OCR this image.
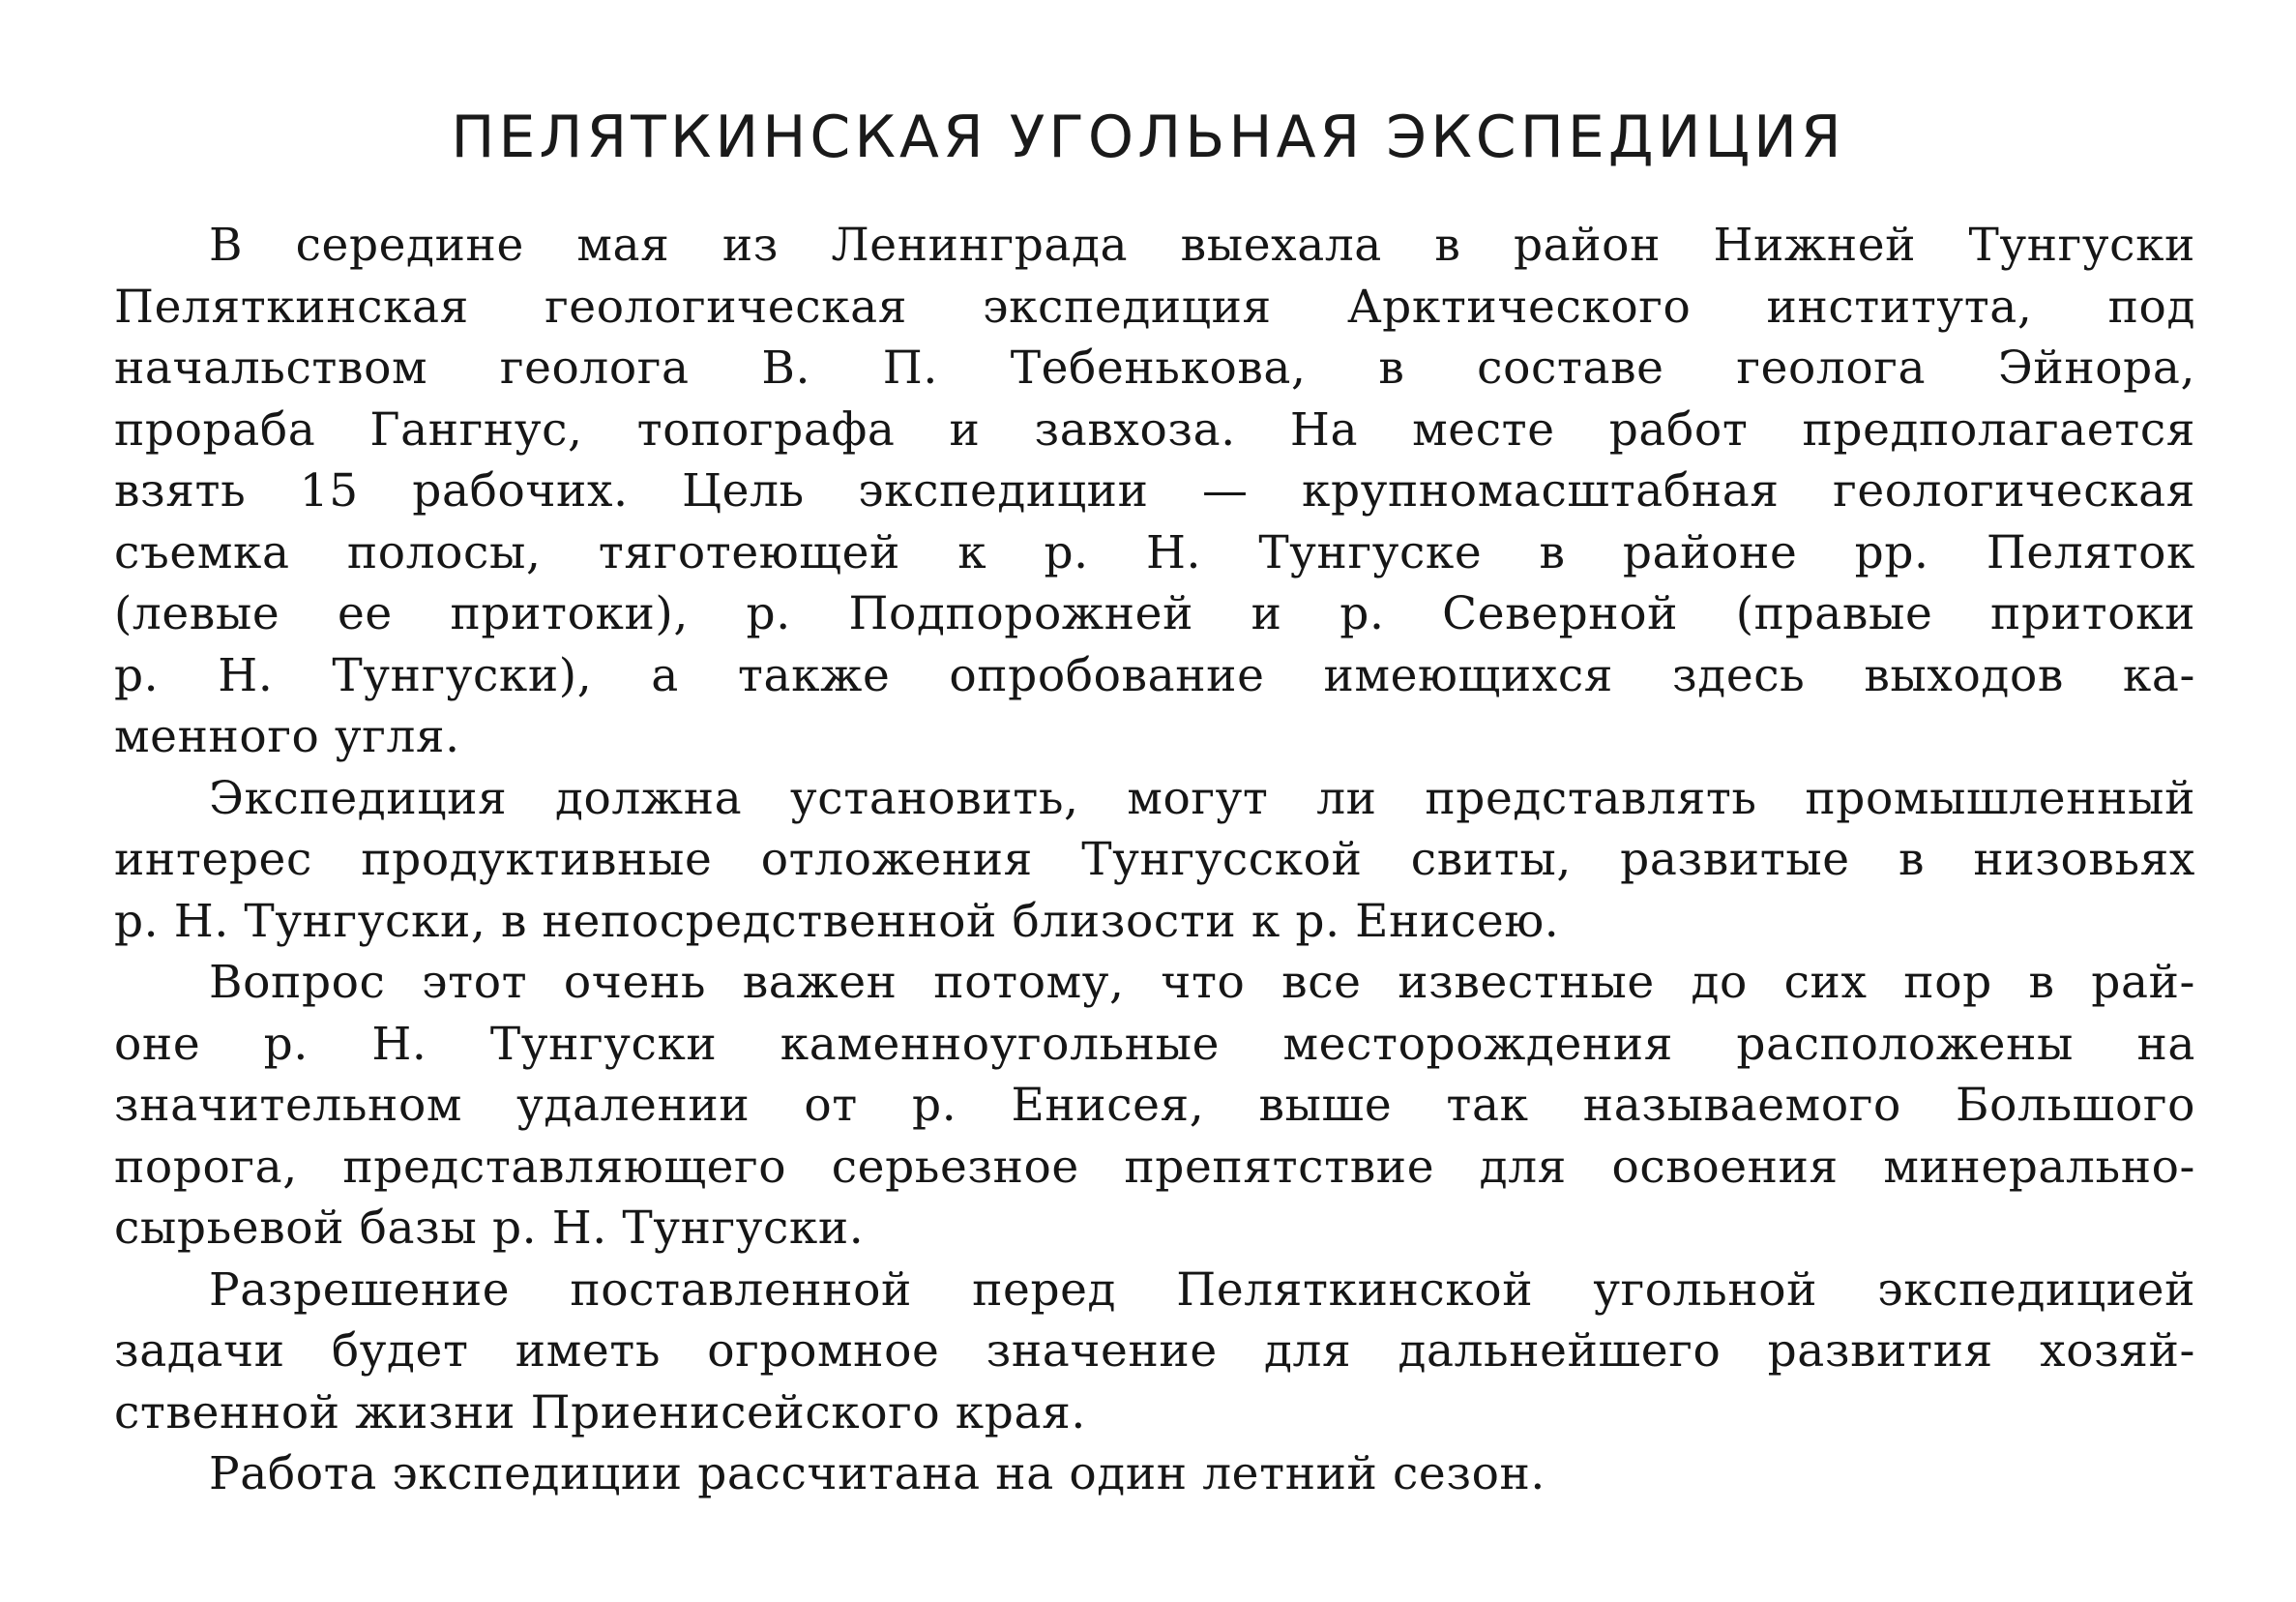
ПЕЛЯТКИНСКАЯ УГОЛЬНАЯ ЭКСПЕДИЦИЯ

В середине мая из Ленинграда выехала в район Нижней Тунгуски
Пеляткинская геологическая экспедиция Арктического института, под
начальством геолога В. П. Тебенькова, в составе геолога Эйнора,
прораба Гангнус, топографа и завхоза. На месте работ предполагается
взять 15 рабочих. Цель экспедиции — крупномасштабная геологическая
съемка полосы, тяготеющей к р. Н. Тунгуске в районе рр. Пеляток
(левые ее притоки), р. Подпорожней и р. Северной (правые притоки
р. Н. Тунгуски), а также опробование имеющихся здесь выходов ка-
менного угля.

Экспедиция должна установить, могут ли представлять промышленный
интерес продуктивные отложения Тунгусской свиты, развитые в низовьях
р. Н. Тунгуски, в непосредственной близости к р. Енисею.

Вопрос этот очень важен потому, что все известные до сих пор в рай-
оне р. Н. Тунгуски каменноугольные месторождения расположены на
значительном удалении от р. Енисея, выше так называемого Большого
порога, представляющего серьезное препятствие для освоения минерально-
сырьевой базы р. Н. Тунгуски.

Разрешение поставленной перед Пеляткинской угольной экспедицией
задачи будет иметь огромное значение для дальнейшего развития хозяй-
ственной жизни Приенисейского края.

Работа экспедиции рассчитана на один летний сезон.
